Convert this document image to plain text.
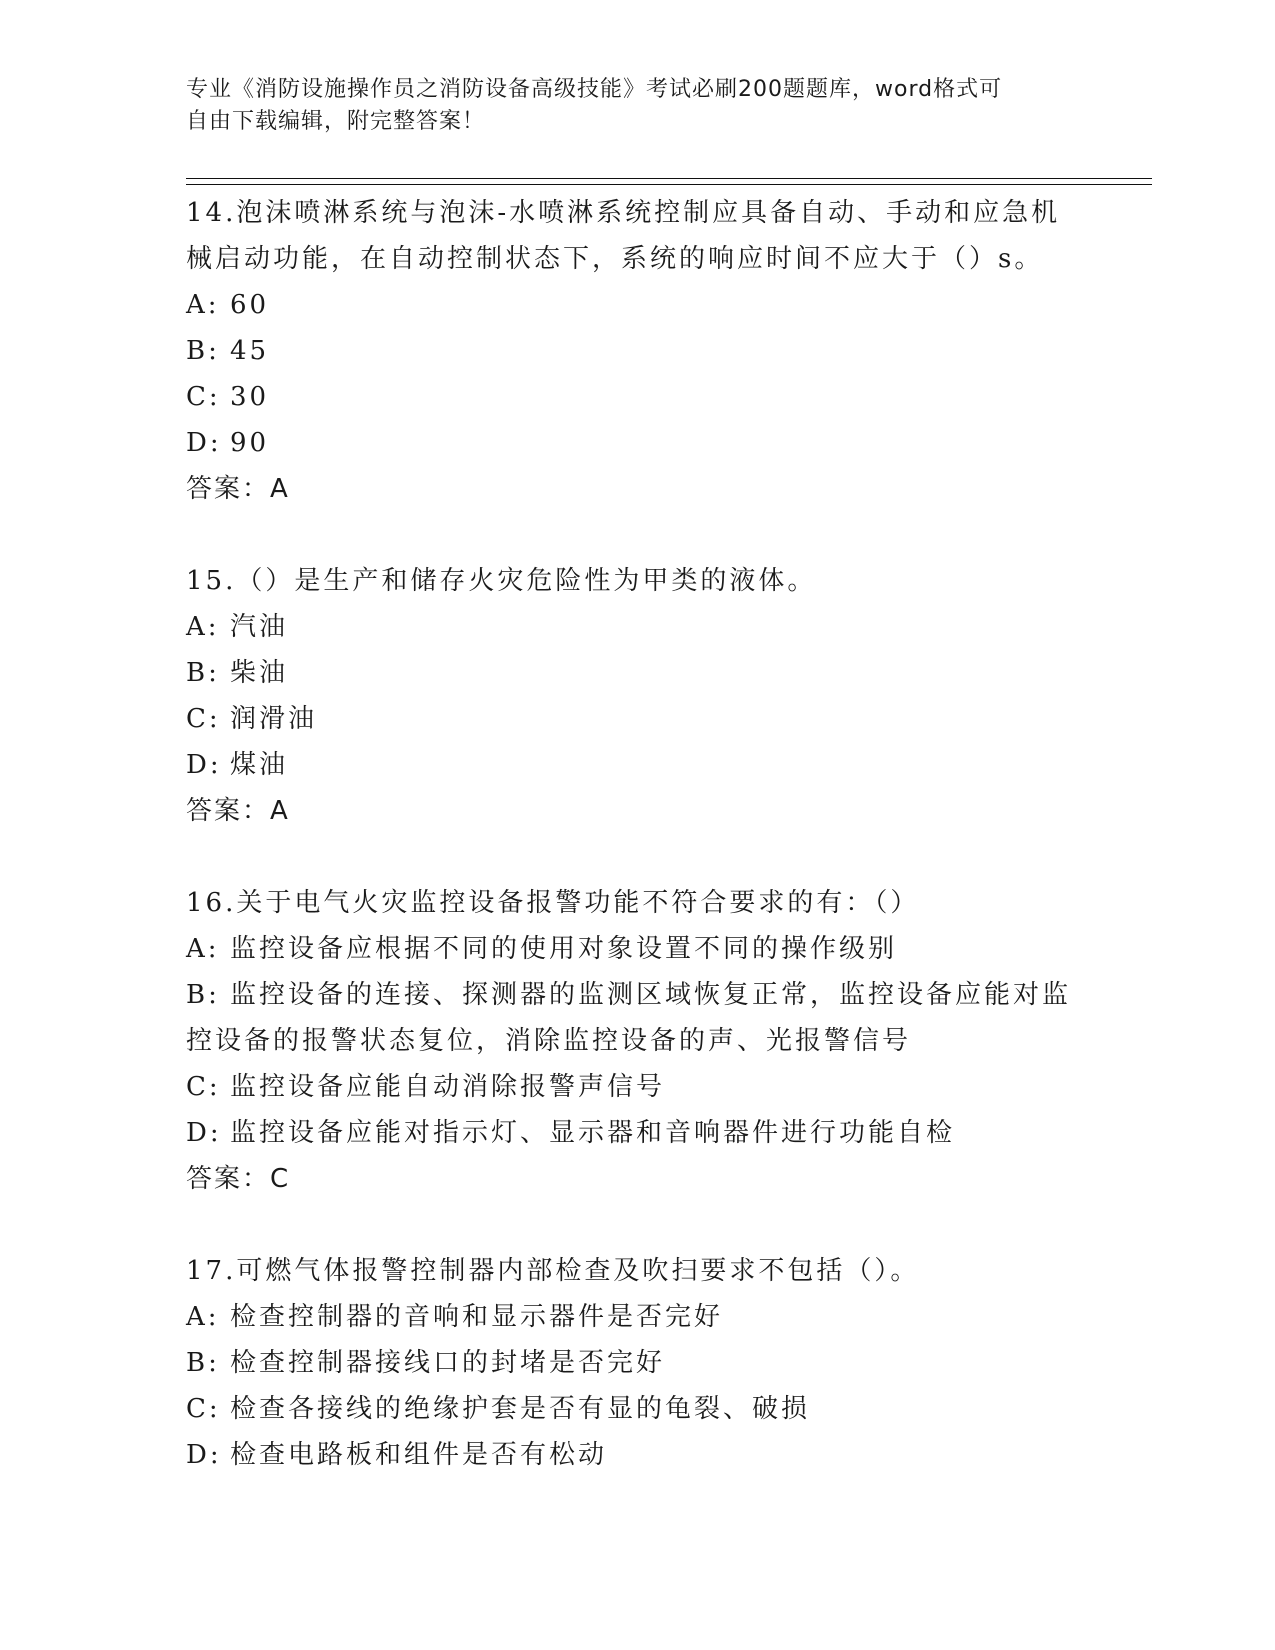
专业《消防设施操作员之消防设备高级技能》考试必刷200题题库，word格式可
自由下载编辑，附完整答案！
14.泡沫喷淋系统与泡沫-水喷淋系统控制应具备自动、手动和应急机
械启动功能，在自动控制状态下，系统的响应时间不应大于（）s。
A: 60
B: 45
C: 30
D: 90
答案：A
15.（）是生产和储存火灾危险性为甲类的液体。
A: 汽油
B: 柴油
C: 润滑油
D: 煤油
答案：A
16.关于电气火灾监控设备报警功能不符合要求的有：（）
A: 监控设备应根据不同的使用对象设置不同的操作级别
B: 监控设备的连接、探测器的监测区域恢复正常，监控设备应能对监
控设备的报警状态复位，消除监控设备的声、光报警信号
C: 监控设备应能自动消除报警声信号
D: 监控设备应能对指示灯、显示器和音响器件进行功能自检
答案：C
17.可燃气体报警控制器内部检查及吹扫要求不包括（）。
A: 检查控制器的音响和显示器件是否完好
B: 检查控制器接线口的封堵是否完好
C: 检查各接线的绝缘护套是否有显的龟裂、破损
D: 检查电路板和组件是否有松动
